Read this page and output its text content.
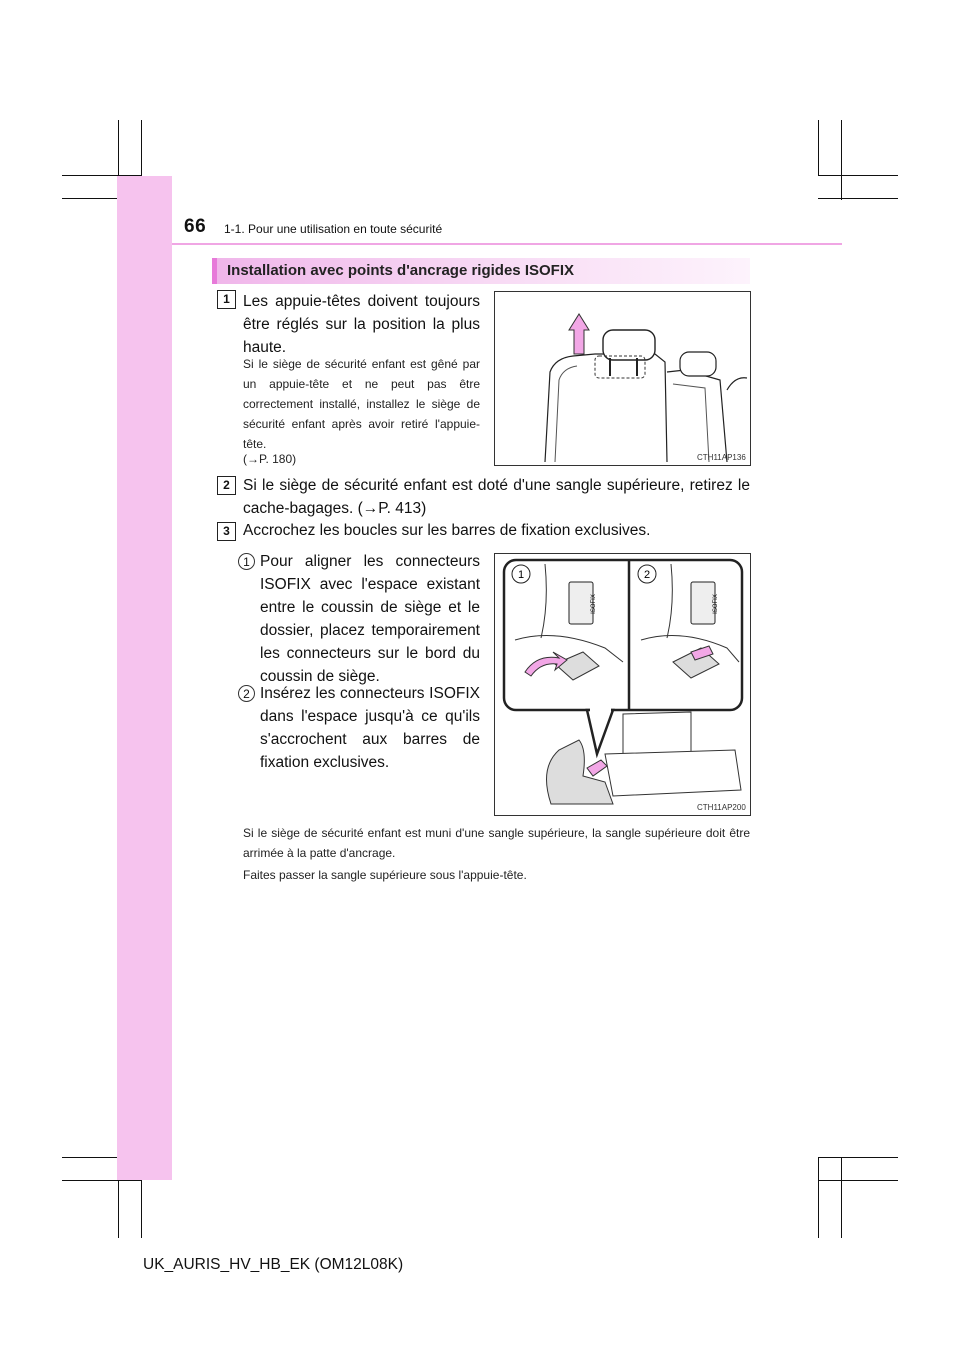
66 1-1. Pour une utilisation en toute sécurité
Installation avec points d'ancrage rigides ISOFIX
1 Les appuie-têtes doivent toujours être réglés sur la position la plus haute.
Si le siège de sécurité enfant est gêné par un appuie-tête et ne peut pas être correctement installé, installez le siège de sécurité enfant après avoir retiré l'appuie-tête.
(→P. 180)	CTH11AP136
2 Si le siège de sécurité enfant est doté d'une sangle supérieure, retirez le cache-bagages. (→P. 413)
3 Accrochez les boucles sur les barres de fixation exclusives.
1 Pour aligner les connecteurs ISOFIX avec l'espace existant entre le coussin de siège et le dossier, placez temporairement les connecteurs sur le bord du coussin de siège.
2 Insérez les connecteurs ISOFIX dans l'espace jusqu'à ce qu'ils s'accrochent aux barres de fixation exclusives.
1	2
ISOFIX	ISOFIX
CTH11AP200
Si le siège de sécurité enfant est muni d'une sangle supérieure, la sangle supérieure doit être arrimée à la patte d'ancrage.
Faites passer la sangle supérieure sous l'appuie-tête.
UK_AURIS_HV_HB_EK (OM12L08K)
